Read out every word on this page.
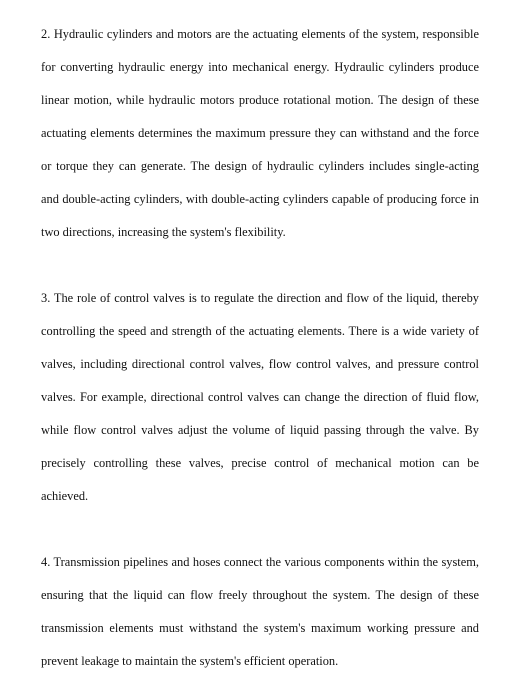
2. Hydraulic cylinders and motors are the actuating elements of the system, responsible for converting hydraulic energy into mechanical energy. Hydraulic cylinders produce linear motion, while hydraulic motors produce rotational motion. The design of these actuating elements determines the maximum pressure they can withstand and the force or torque they can generate. The design of hydraulic cylinders includes single-acting and double-acting cylinders, with double-acting cylinders capable of producing force in two directions, increasing the system's flexibility.

3. The role of control valves is to regulate the direction and flow of the liquid, thereby controlling the speed and strength of the actuating elements. There is a wide variety of valves, including directional control valves, flow control valves, and pressure control valves. For example, directional control valves can change the direction of fluid flow, while flow control valves adjust the volume of liquid passing through the valve. By precisely controlling these valves, precise control of mechanical motion can be achieved.

4. Transmission pipelines and hoses connect the various components within the system, ensuring that the liquid can flow freely throughout the system. The design of these transmission elements must withstand the system's maximum working pressure and prevent leakage to maintain the system's efficient operation.
